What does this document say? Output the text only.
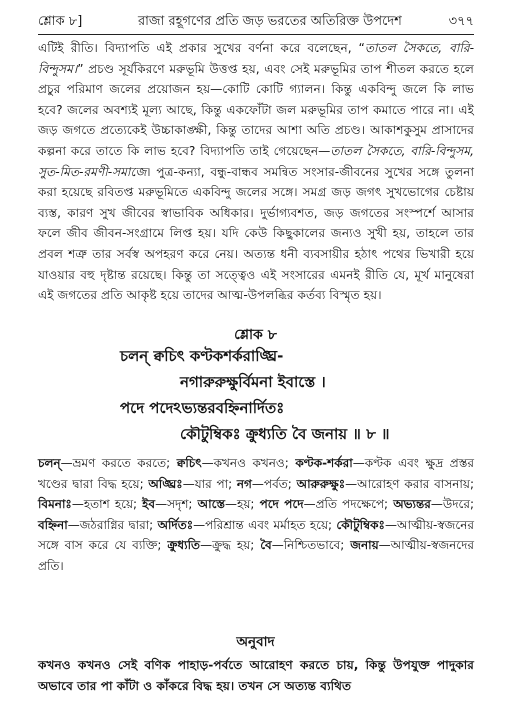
শ্লোক ৮]	রাজা রহূগণের প্রতি জড় ভরতের অতিরিক্ত উপদেশ	৩৭৭
এটিই রীতি। বিদ্যাপতি এই প্রকার সুখের বর্ণনা করে বলেছেন, “তাতল সৈকতে, বারি-বিন্দুসম।” প্রচণ্ড সূর্যকিরণে মরুভূমি উত্তপ্ত হয়, এবং সেই মরুভূমির তাপ শীতল করতে হলে প্রচুর পরিমাণ জলের প্রয়োজন হয়—কোটি কোটি গ্যালন। কিন্তু একবিন্দু জলে কি লাভ হবে? জলের অবশ্যই মূল্য আছে, কিন্তু একফোঁটা জল মরুভূমির তাপ কমাতে পারে না। এই জড় জগতে প্রত্যেকেই উচ্চাকাঙ্ক্ষী, কিন্তু তাদের আশা অতি প্রচণ্ড। আকাশকুসুম প্রাসাদের কল্পনা করে তাতে কি লাভ হবে? বিদ্যাপতি তাই গেয়েছেন—তাতল সৈকতে, বারি-বিন্দুসম, সুত-মিত-রমণী-সমাজে। পুত্র-কন্যা, বন্ধু-বান্ধব সমন্বিত সংসার-জীবনের সুখের সঙ্গে তুলনা করা হয়েছে রবিতপ্ত মরুভূমিতে একবিন্দু জলের সঙ্গে। সমগ্র জড় জগৎ সুখভোগের চেষ্টায় ব্যস্ত, কারণ সুখ জীবের স্বাভাবিক অধিকার। দুর্ভাগ্যবশত, জড় জগতের সংস্পর্শে আসার ফলে জীব জীবন-সংগ্রামে লিপ্ত হয়। যদি কেউ কিছুকালের জন্যও সুখী হয়, তাহলে তার প্রবল শত্রু তার সর্বস্ব অপহরণ করে নেয়। অত্যন্ত ধনী ব্যবসায়ীর হঠাৎ পথের ভিখারী হয়ে যাওয়ার বহু দৃষ্টান্ত রয়েছে। কিন্তু তা সত্ত্বেও এই সংসারের এমনই রীতি যে, মূর্খ মানুষেরা এই জগতের প্রতি আকৃষ্ট হয়ে তাদের আত্ম-উপলব্ধির কর্তব্য বিস্মৃত হয়।
শ্লোক ৮
চলন্ ক্বচিৎ কণ্টকশর্করাঙ্ঘ্রি-
নগারুরুক্ষুর্বিমনা ইবাস্তে ।
পদে পদেঽভ্যন্তরবহ্নিনার্দিতঃ
কৌটুম্বিকঃ ক্রুধ্যতি বৈ জনায় ॥ ৮ ॥
চলন্—ভ্রমণ করতে করতে; ক্বচিৎ—কখনও কখনও; কণ্টক-শর্করা—কণ্টক এবং ক্ষুদ্র প্রস্তর খণ্ডের দ্বারা বিদ্ধ হয়ে; অঙ্ঘ্রিঃ—যার পা; নগ—পর্বত; আরুরুক্ষুঃ—আরোহণ করার বাসনায়; বিমনাঃ—হতাশ হয়ে; ইব—সদৃশ; আস্তে—হয়; পদে পদে—প্রতি পদক্ষেপে; অভ্যন্তর—উদরে; বহ্নিনা—জঠরাগ্নির দ্বারা; অর্দিতঃ—পরিশ্রান্ত এবং মর্মাহত হয়ে; কৌটুম্বিকঃ—আত্মীয়-স্বজনের সঙ্গে বাস করে যে ব্যক্তি; ক্রুধ্যতি—ক্রুদ্ধ হয়; বৈ—নিশ্চিতভাবে; জনায়—আত্মীয়-স্বজনদের প্রতি।
অনুবাদ
কখনও কখনও সেই বণিক পাহাড়-পর্বতে আরোহণ করতে চায়, কিন্তু উপযুক্ত পাদুকার অভাবে তার পা কাঁটা ও কাঁকরে বিদ্ধ হয়। তখন সে অত্যন্ত ব্যথিত
